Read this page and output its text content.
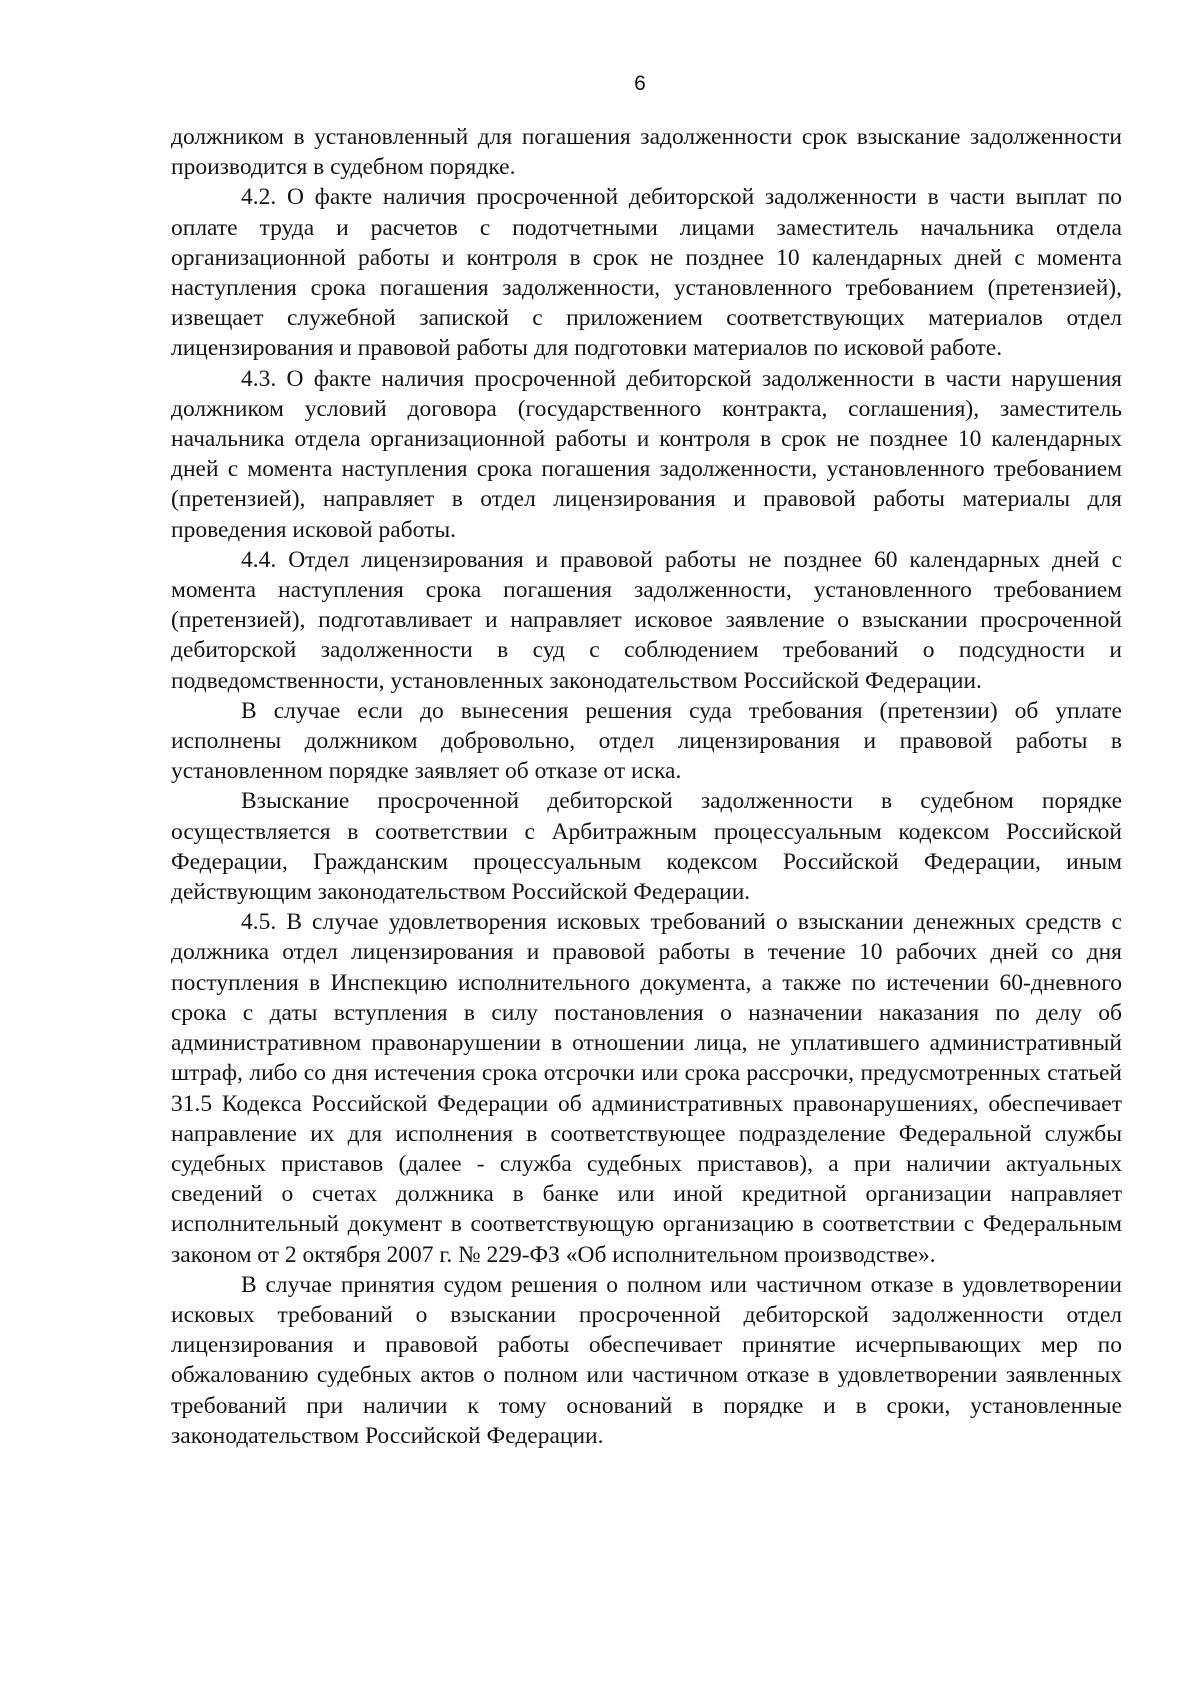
6

должником в установленный для погашения задолженности срок взыскание задолженности производится в судебном порядке.

4.2. О факте наличия просроченной дебиторской задолженности в части выплат по оплате труда и расчетов с подотчетными лицами заместитель начальника отдела организационной работы и контроля в срок не позднее 10 календарных дней с момента наступления срока погашения задолженности, установленного требованием (претензией), извещает служебной запиской с приложением соответствующих материалов отдел лицензирования и правовой работы для подготовки материалов по исковой работе.

4.3. О факте наличия просроченной дебиторской задолженности в части нарушения должником условий договора (государственного контракта, соглашения), заместитель начальника отдела организационной работы и контроля в срок не позднее 10 календарных дней с момента наступления срока погашения задолженности, установленного требованием (претензией), направляет в отдел лицензирования и правовой работы материалы для проведения исковой работы.

4.4. Отдел лицензирования и правовой работы не позднее 60 календарных дней с момента наступления срока погашения задолженности, установленного требованием (претензией), подготавливает и направляет исковое заявление о взыскании просроченной дебиторской задолженности в суд с соблюдением требований о подсудности и подведомственности, установленных законодательством Российской Федерации.

В случае если до вынесения решения суда требования (претензии) об уплате исполнены должником добровольно, отдел лицензирования и правовой работы в установленном порядке заявляет об отказе от иска.

Взыскание просроченной дебиторской задолженности в судебном порядке осуществляется в соответствии с Арбитражным процессуальным кодексом Российской Федерации, Гражданским процессуальным кодексом Российской Федерации, иным действующим законодательством Российской Федерации.

4.5. В случае удовлетворения исковых требований о взыскании денежных средств с должника отдел лицензирования и правовой работы в течение 10 рабочих дней со дня поступления в Инспекцию исполнительного документа, а также по истечении 60-дневного срока с даты вступления в силу постановления о назначении наказания по делу об административном правонарушении в отношении лица, не уплатившего административный штраф, либо со дня истечения срока отсрочки или срока рассрочки, предусмотренных статьей 31.5 Кодекса Российской Федерации об административных правонарушениях, обеспечивает направление их для исполнения в соответствующее подразделение Федеральной службы судебных приставов (далее - служба судебных приставов), а при наличии актуальных сведений о счетах должника в банке или иной кредитной организации направляет исполнительный документ в соответствующую организацию в соответствии с Федеральным законом от 2 октября 2007 г. № 229-ФЗ «Об исполнительном производстве».

В случае принятия судом решения о полном или частичном отказе в удовлетворении исковых требований о взыскании просроченной дебиторской задолженности отдел лицензирования и правовой работы обеспечивает принятие исчерпывающих мер по обжалованию судебных актов о полном или частичном отказе в удовлетворении заявленных требований при наличии к тому оснований в порядке и в сроки, установленные законодательством Российской Федерации.
